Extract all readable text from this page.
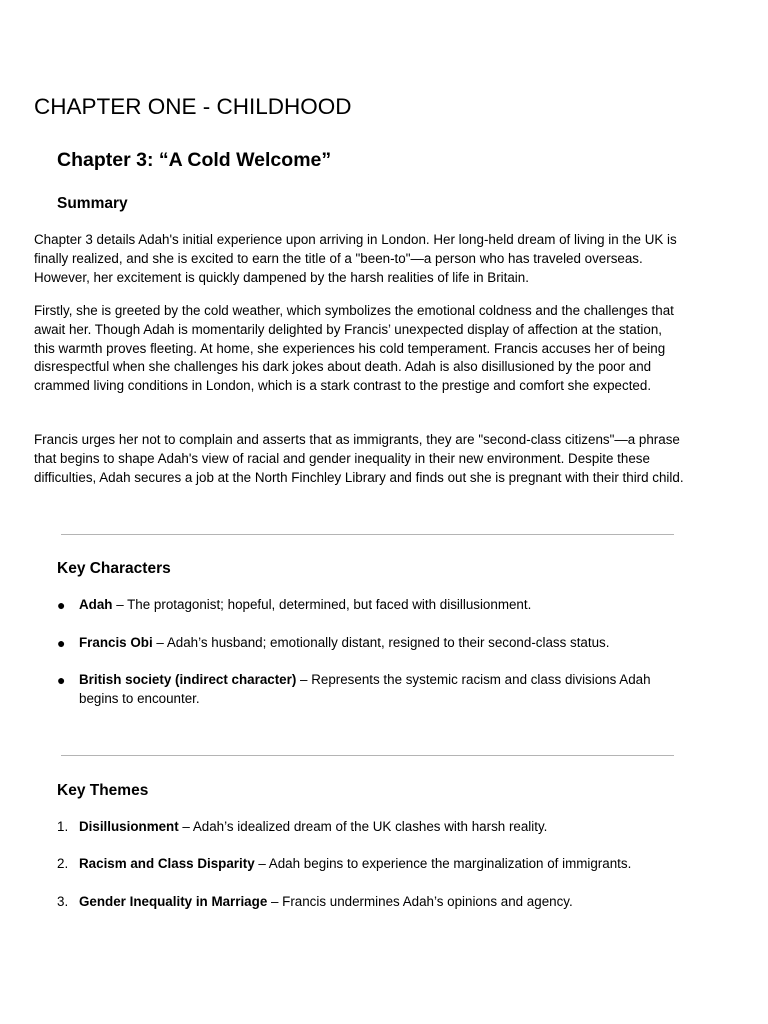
CHAPTER ONE - CHILDHOOD
Chapter 3: “A Cold Welcome”
Summary

Chapter 3 details Adah's initial experience upon arriving in London. Her long-held dream of living in the UK is finally realized, and she is excited to earn the title of a "been-to"—a person who has traveled overseas. However, her excitement is quickly dampened by the harsh realities of life in Britain.

Firstly, she is greeted by the cold weather, which symbolizes the emotional coldness and the challenges that await her. Though Adah is momentarily delighted by Francis’ unexpected display of affection at the station, this warmth proves fleeting. At home, she experiences his cold temperament. Francis accuses her of being disrespectful when she challenges his dark jokes about death. Adah is also disillusioned by the poor and crammed living conditions in London, which is a stark contrast to the prestige and comfort she expected.

Francis urges her not to complain and asserts that as immigrants, they are "second-class citizens"—a phrase that begins to shape Adah's view of racial and gender inequality in their new environment. Despite these difficulties, Adah secures a job at the North Finchley Library and finds out she is pregnant with their third child.

Key Characters
●	Adah – The protagonist; hopeful, determined, but faced with disillusionment.
●	Francis Obi – Adah’s husband; emotionally distant, resigned to their second-class status.
●	British society (indirect character) – Represents the systemic racism and class divisions Adah begins to encounter.
Key Themes
1. Disillusionment – Adah’s idealized dream of the UK clashes with harsh reality.
2. Racism and Class Disparity – Adah begins to experience the marginalization of immigrants.
3. Gender Inequality in Marriage – Francis undermines Adah’s opinions and agency.
